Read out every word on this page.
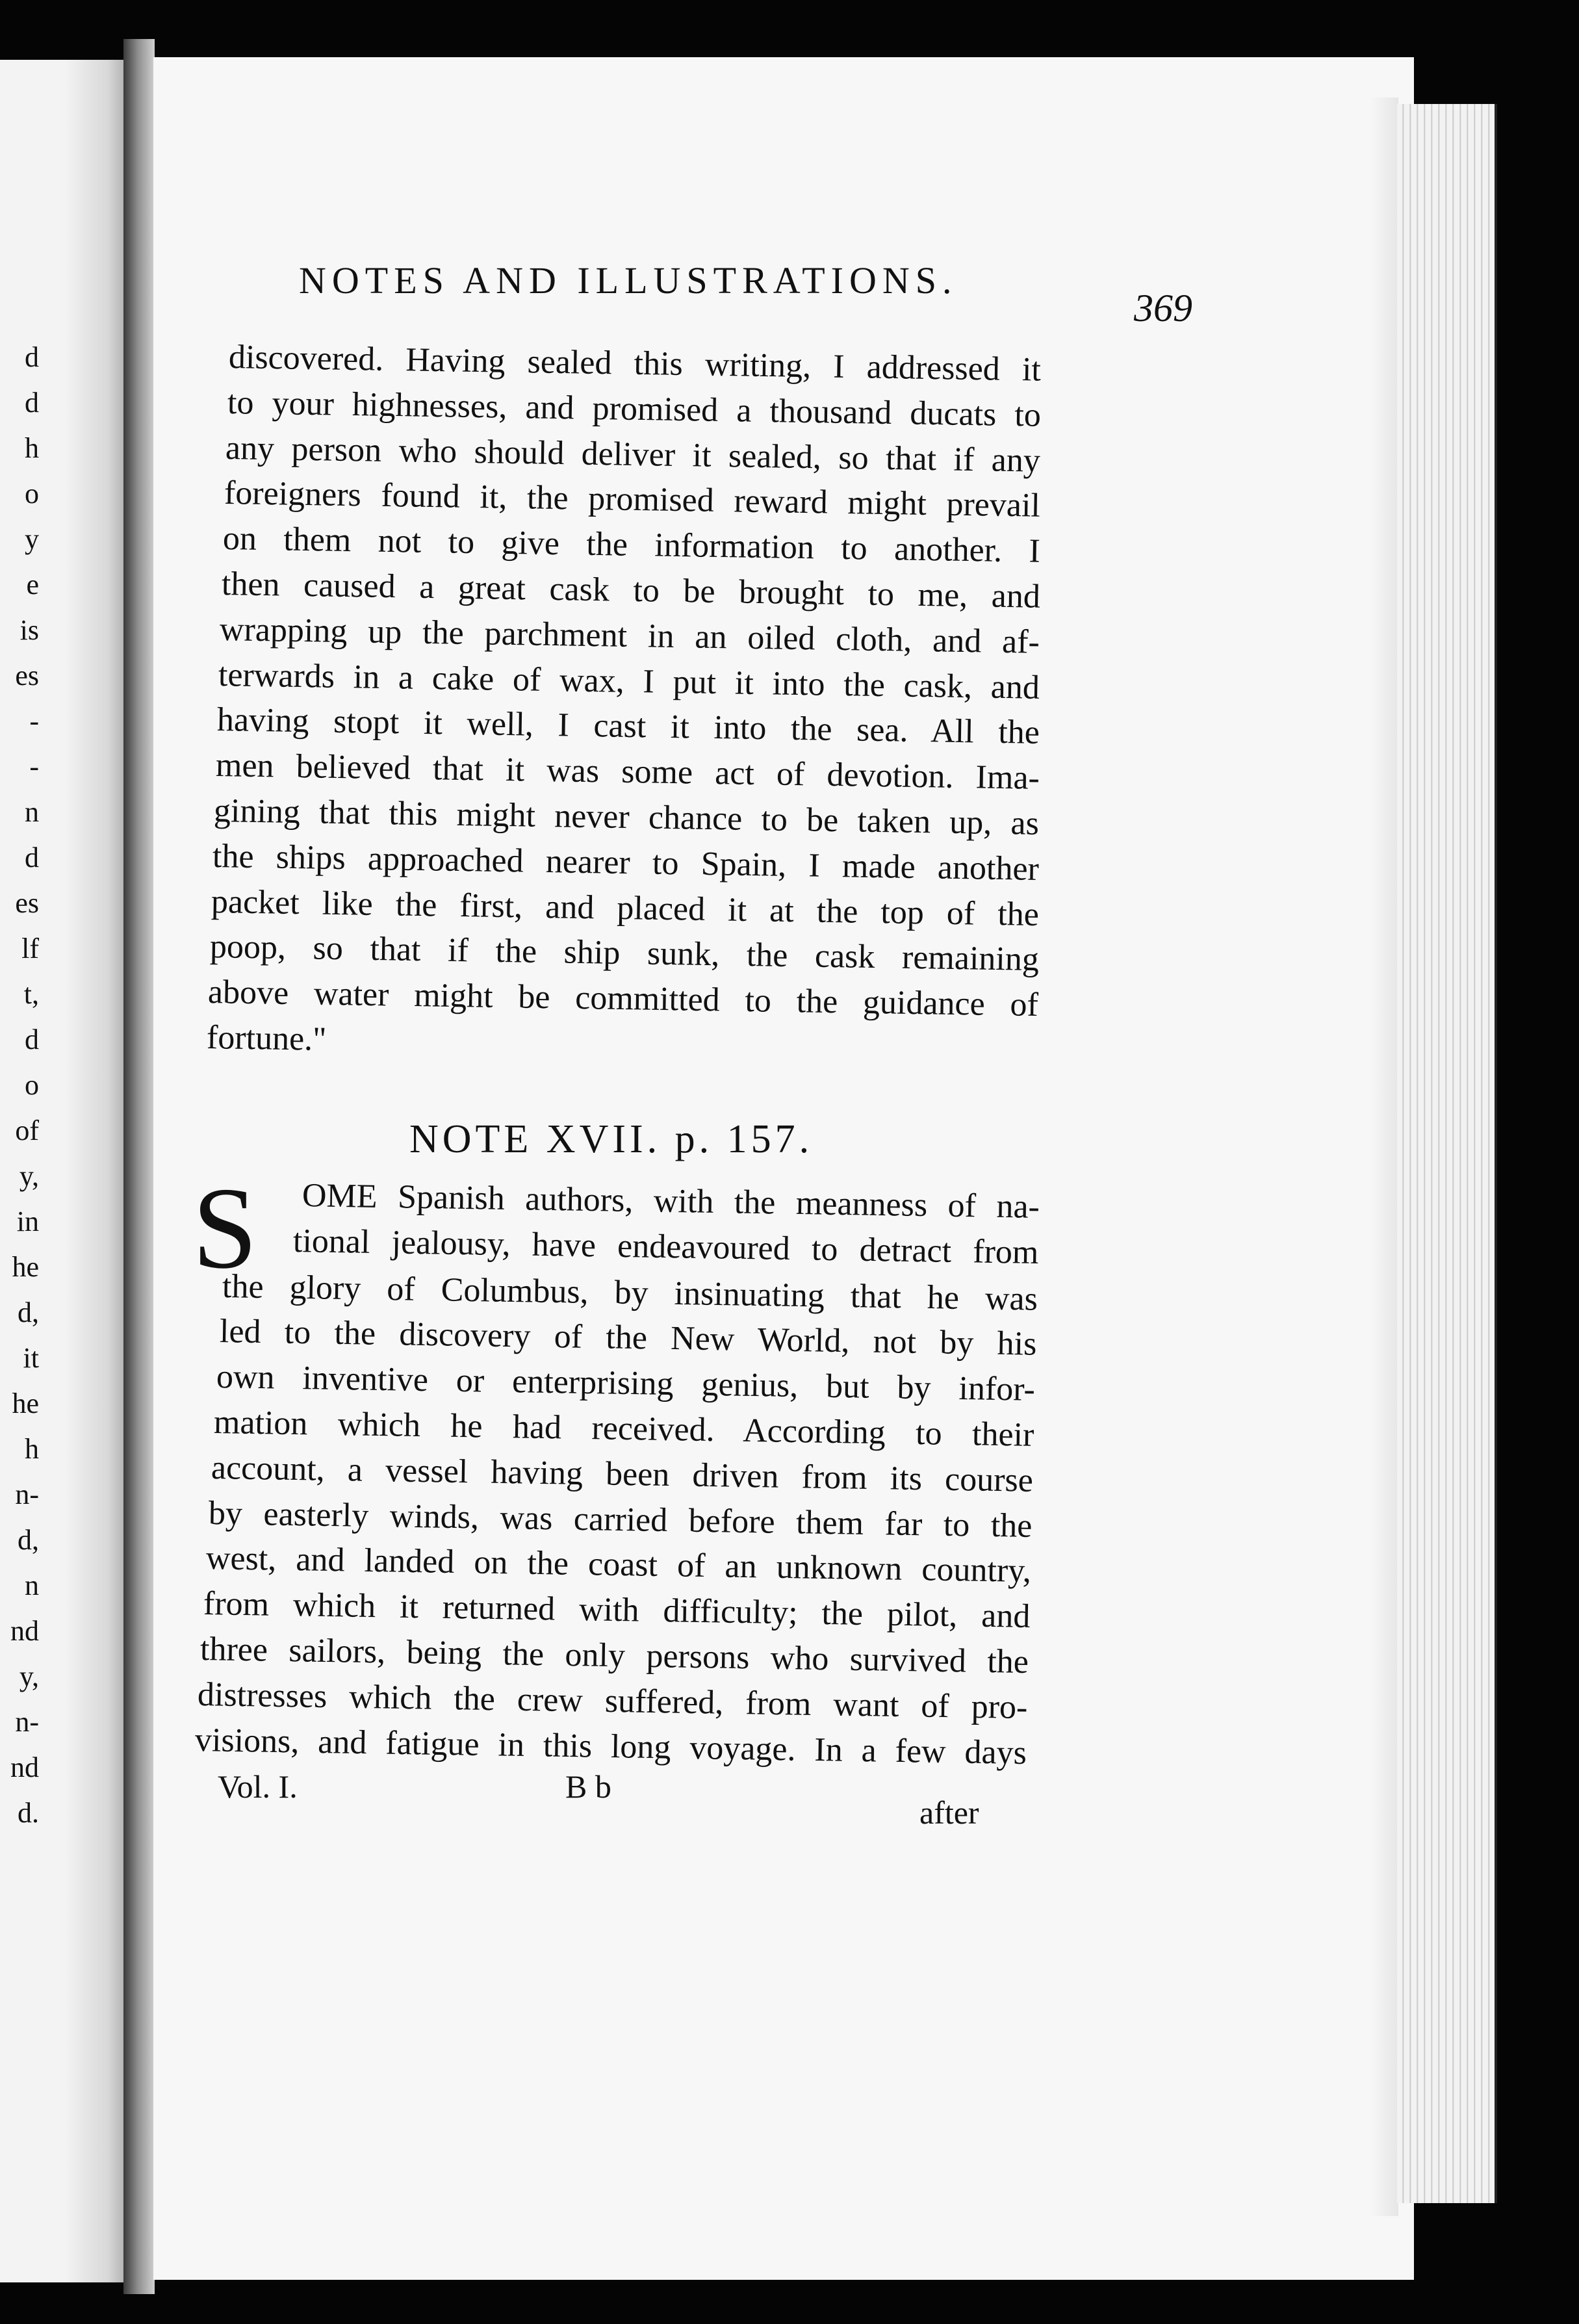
d
d
h
o
y
e
is
es
-
-
n
d
es
lf
t,
d
o
of
y,
in
he
d,
it
he
h
n-
d,
n
nd
y,
n-
nd
d.
NOTES AND ILLUSTRATIONS.
369
discovered. Having sealed this writing, I addressed it
to your highnesses, and promised a thousand ducats to
any person who should deliver it sealed, so that if any
foreigners found it, the promised reward might prevail
on them not to give the information to another. I
then caused a great cask to be brought to me, and
wrapping up the parchment in an oiled cloth, and af-
terwards in a cake of wax, I put it into the cask, and
having stopt it well, I cast it into the sea. All the
men believed that it was some act of devotion. Ima-
gining that this might never chance to be taken up, as
the ships approached nearer to Spain, I made another
packet like the first, and placed it at the top of the
poop, so that if the ship sunk, the cask remaining
above water might be committed to the guidance of
fortune."
NOTE XVII. p. 157.
S OME Spanish authors, with the meanness of na-
tional jealousy, have endeavoured to detract from
the glory of Columbus, by insinuating that he was
led to the discovery of the New World, not by his
own inventive or enterprising genius, but by infor-
mation which he had received. According to their
account, a vessel having been driven from its course
by easterly winds, was carried before them far to the
west, and landed on the coast of an unknown country,
from which it returned with difficulty; the pilot, and
three sailors, being the only persons who survived the
distresses which the crew suffered, from want of pro-
visions, and fatigue in this long voyage. In a few days
Vol. I.	B b
after
